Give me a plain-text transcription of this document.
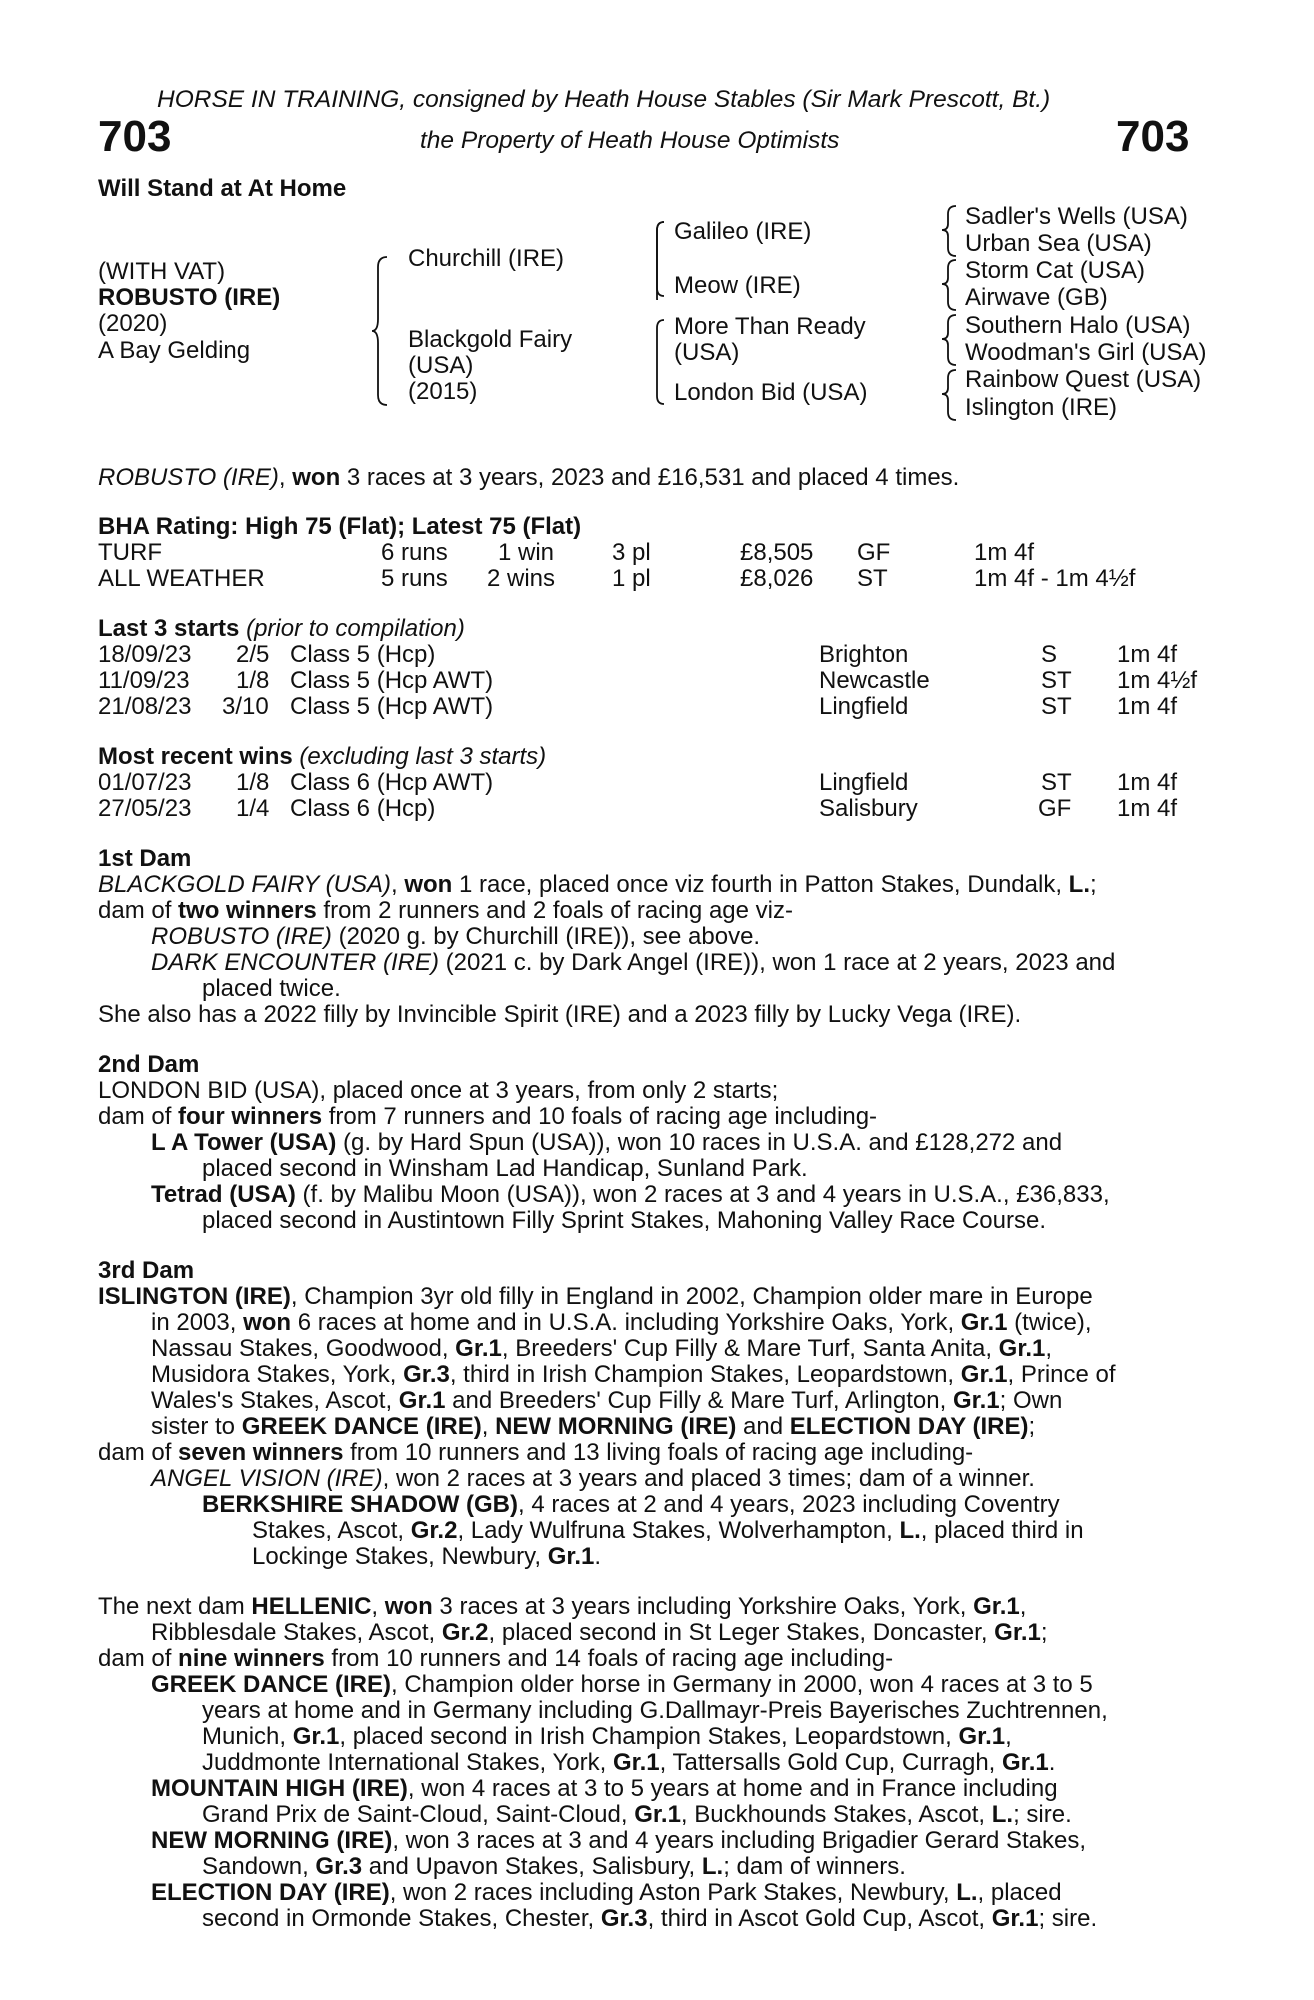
HORSE IN TRAINING, consigned by Heath House Stables (Sir Mark Prescott, Bt.)
703	the Property of Heath House Optimists	703
Will Stand at At Home
(WITH VAT)
ROBUSTO (IRE)
(2020)
A Bay Gelding
Churchill (IRE)
Blackgold Fairy
(USA)
(2015)
Galileo (IRE)
Meow (IRE)
More Than Ready
(USA)
London Bid (USA)
Sadler's Wells (USA)
Urban Sea (USA)
Storm Cat (USA)
Airwave (GB)
Southern Halo (USA)
Woodman's Girl (USA)
Rainbow Quest (USA)
Islington (IRE)
ROBUSTO (IRE), won 3 races at 3 years, 2023 and £16,531 and placed 4 times.
BHA Rating: High 75 (Flat); Latest 75 (Flat)
TURF	6 runs 1 win 3 pl	£8,505 GF	1m 4f
ALL WEATHER	5 runs 2 wins 1 pl	£8,026 ST	1m 4f - 1m 4½f
Last 3 starts (prior to compilation)
18/09/23 2/5 Class 5 (Hcp)	Brighton	S 1m 4f
11/09/23 1/8 Class 5 (Hcp AWT)	Newcastle	ST 1m 4½f
21/08/23 3/10 Class 5 (Hcp AWT)	Lingfield	ST 1m 4f
Most recent wins (excluding last 3 starts)
01/07/23 1/8 Class 6 (Hcp AWT)	Lingfield	ST 1m 4f
27/05/23 1/4 Class 6 (Hcp)	Salisbury	GF 1m 4f
1st Dam
BLACKGOLD FAIRY (USA), won 1 race, placed once viz fourth in Patton Stakes, Dundalk, L.;
dam of two winners from 2 runners and 2 foals of racing age viz-
ROBUSTO (IRE) (2020 g. by Churchill (IRE)), see above.
DARK ENCOUNTER (IRE) (2021 c. by Dark Angel (IRE)), won 1 race at 2 years, 2023 and
placed twice.
She also has a 2022 filly by Invincible Spirit (IRE) and a 2023 filly by Lucky Vega (IRE).
2nd Dam
LONDON BID (USA), placed once at 3 years, from only 2 starts;
dam of four winners from 7 runners and 10 foals of racing age including-
L A Tower (USA) (g. by Hard Spun (USA)), won 10 races in U.S.A. and £128,272 and
placed second in Winsham Lad Handicap, Sunland Park.
Tetrad (USA) (f. by Malibu Moon (USA)), won 2 races at 3 and 4 years in U.S.A., £36,833,
placed second in Austintown Filly Sprint Stakes, Mahoning Valley Race Course.
3rd Dam
ISLINGTON (IRE), Champion 3yr old filly in England in 2002, Champion older mare in Europe
in 2003, won 6 races at home and in U.S.A. including Yorkshire Oaks, York, Gr.1 (twice),
Nassau Stakes, Goodwood, Gr.1, Breeders' Cup Filly & Mare Turf, Santa Anita, Gr.1,
Musidora Stakes, York, Gr.3, third in Irish Champion Stakes, Leopardstown, Gr.1, Prince of
Wales's Stakes, Ascot, Gr.1 and Breeders' Cup Filly & Mare Turf, Arlington, Gr.1; Own
sister to GREEK DANCE (IRE), NEW MORNING (IRE) and ELECTION DAY (IRE);
dam of seven winners from 10 runners and 13 living foals of racing age including-
ANGEL VISION (IRE), won 2 races at 3 years and placed 3 times; dam of a winner.
BERKSHIRE SHADOW (GB), 4 races at 2 and 4 years, 2023 including Coventry
Stakes, Ascot, Gr.2, Lady Wulfruna Stakes, Wolverhampton, L., placed third in
Lockinge Stakes, Newbury, Gr.1.
The next dam HELLENIC, won 3 races at 3 years including Yorkshire Oaks, York, Gr.1,
Ribblesdale Stakes, Ascot, Gr.2, placed second in St Leger Stakes, Doncaster, Gr.1;
dam of nine winners from 10 runners and 14 foals of racing age including-
GREEK DANCE (IRE), Champion older horse in Germany in 2000, won 4 races at 3 to 5
years at home and in Germany including G.Dallmayr-Preis Bayerisches Zuchtrennen,
Munich, Gr.1, placed second in Irish Champion Stakes, Leopardstown, Gr.1,
Juddmonte International Stakes, York, Gr.1, Tattersalls Gold Cup, Curragh, Gr.1.
MOUNTAIN HIGH (IRE), won 4 races at 3 to 5 years at home and in France including
Grand Prix de Saint-Cloud, Saint-Cloud, Gr.1, Buckhounds Stakes, Ascot, L.; sire.
NEW MORNING (IRE), won 3 races at 3 and 4 years including Brigadier Gerard Stakes,
Sandown, Gr.3 and Upavon Stakes, Salisbury, L.; dam of winners.
ELECTION DAY (IRE), won 2 races including Aston Park Stakes, Newbury, L., placed
second in Ormonde Stakes, Chester, Gr.3, third in Ascot Gold Cup, Ascot, Gr.1; sire.
